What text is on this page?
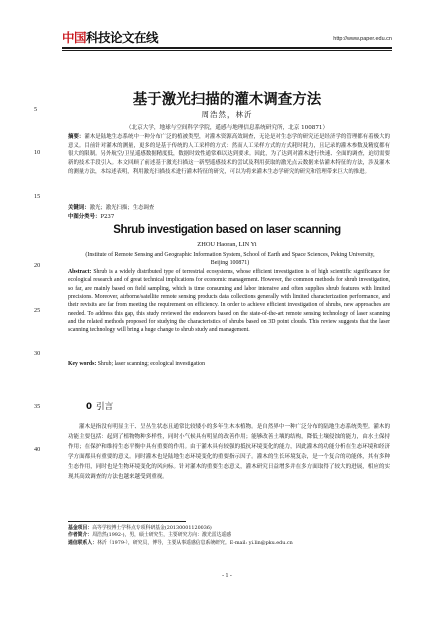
中国科技论文在线	http://www.paper.edu.cn
5
10
15
20
25
30
35
40
基于激光扫描的灌木调查方法
周浩然，林沂
（北京大学，地球与空间科学学院，遥感与地理信息系统研究所，北京 100871）
摘要：灌木是陆地生态系统中一种分布广泛的植被类型，对灌木资源高效调查，无论是对生态学的研究还是经济学的管理都有着极大的意义。目前针对灌木的测量，更多的是基于传统的人工采样的方式：然而人工采样方式的方式耗时耗力，且记录的灌木参数及精度都有很大的限制。另外航空/卫星遥感数据精度低，数据时效性通常难以达到要求。因此，为了达到对灌木进行快速、全面的调查，迫切需要新的技术手段引入。本文回顾了前述基于激光扫描这一新型遥感技术的尝试及利用获取的激光点云数据来估灌木特征的方法，涉及灌木的测量方法，本综述表明，利用激光扫描技术进行灌木特征的研究，可以为将来灌木生态学研究的研究和管理带来巨大的推进。
关键词：激光；激光扫描；生态调查
中图分类号：P237
Shrub investigation based on laser scanning
ZHOU Haoran, LIN Yi
(Institute of Remote Sensing and Geographic Information System, School of Earth and Space Sciences, Peking University, Beijing 100871)
Abstract: Shrub is a widely distributed type of terrestrial ecosystems, whose efficient investigation is of high scientific significance for ecological research and of great technical implications for economic management. However, the common methods for shrub investigation, so far, are mainly based on field sampling, which is time consuming and labor intensive and often supplies shrub features with limited precisions. Moreover, airborne/satellite remote sensing products data collections generally with limited characterization performance, and their revisits are far from meeting the requirement on efficiency. In order to achieve efficient investigation of shrubs, new approaches are needed. To address this gap, this study reviewed the endeavors based on the state-of-the-art remote sensing technology of laser scanning and the related methods proposed for studying the characteristics of shrubs based on 3D point clouds. This review suggests that the laser scanning technology will bring a huge change to shrub study and management.
Key words: Shrub; laser scanning; ecological investigation
0 引言
灌木是指没有明显主干、呈丛生状态且通常比较矮小的多年生木本植物。是自然界中一种广泛分布的陆地生态系统类型。灌木的功能主要包括：起到了植物物种多样性，同时小气候具有明显的改善作用；能够改善土壤的结构，降低土壤侵蚀的能力，由水土保持作用；在保护和维持生态平衡中具有重要的作用。由于灌木具有较强的抵抗环境变化的能力，因此灌木的功能分析在生态环境和经济学方面都具有重要的意义。同时灌木也是陆地生态环境变化的重要指示因子。灌木的生长环境复杂，是一个复合的功能体，其有多种生态作用，同时也是生物环境变化的风向标。针对灌木的重要生态意义，灌木研究日益增多并在多方面取得了较大的进展，相应的实现其高效调查的方法也越来越受到重视。
基金项目：高等学校博士学科点专项科研基金(20130001120036)
作者简介：周浩然(1992-)，男，硕士研究生，主要研究方向：激光雷达遥感
通信联系人：林沂（1979-），研究员，博导，主要从事遥感信息系统研究。E-mail: yi.lin@pku.edu.cn
- 1 -
